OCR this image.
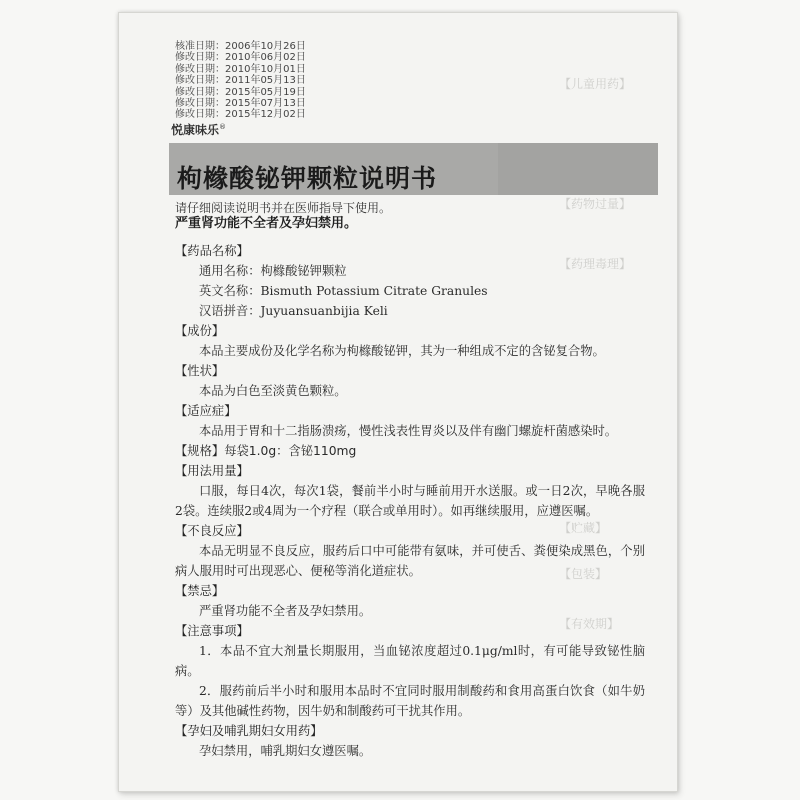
【儿童用药】
【药物过量】
【药理毒理】
【贮藏】
【包装】
【有效期】
核准日期：2006年10月26日
修改日期：2010年06月02日
修改日期：2010年10月01日
修改日期：2011年05月13日
修改日期：2015年05月19日
修改日期：2015年07月13日
修改日期：2015年12月02日
悦康味乐®
枸橼酸铋钾颗粒说明书
请仔细阅读说明书并在医师指导下使用。
严重肾功能不全者及孕妇禁用。
【药品名称】
通用名称：枸橼酸铋钾颗粒
英文名称：Bismuth Potassium Citrate Granules
汉语拼音：Juyuansuanbijia Keli
【成份】
本品主要成份及化学名称为枸橼酸铋钾，其为一种组成不定的含铋复合物。
【性状】
本品为白色至淡黄色颗粒。
【适应症】
本品用于胃和十二指肠溃疡，慢性浅表性胃炎以及伴有幽门螺旋杆菌感染时。
【规格】每袋1.0g：含铋110mg
【用法用量】
口服，每日4次，每次1袋，餐前半小时与睡前用开水送服。或一日2次，早晚各服2袋。连续服2或4周为一个疗程（联合或单用时）。如再继续服用，应遵医嘱。
【不良反应】
本品无明显不良反应，服药后口中可能带有氨味，并可使舌、粪便染成黑色，个别病人服用时可出现恶心、便秘等消化道症状。
【禁忌】
严重肾功能不全者及孕妇禁用。
【注意事项】
1．本品不宜大剂量长期服用，当血铋浓度超过0.1μg/ml时，有可能导致铋性脑病。
2．服药前后半小时和服用本品时不宜同时服用制酸药和食用高蛋白饮食（如牛奶等）及其他碱性药物，因牛奶和制酸药可干扰其作用。
【孕妇及哺乳期妇女用药】
孕妇禁用，哺乳期妇女遵医嘱。
